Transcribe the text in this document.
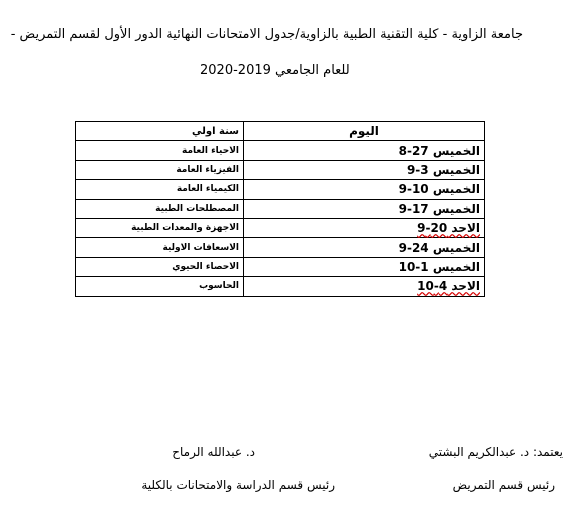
جامعة الزاوية - كلية التقنية الطبية بالزاوية/جدول الامتحانات النهائية الدور الأول لقسم التمريض -
للعام الجامعي 2019-2020
اليوم	سنة اولي
الخميس 27-8	الاحياء العامة
الخميس 3-9	الفيزياء العامة
الخميس 10-9	الكيمياء العامة
الخميس 17-9	المصطلحات الطبية
الاحد 20-9	الاجهزة والمعدات الطبية
الخميس 24-9	الاسعافات الاولية
الخميس 1-10	الاحصاء الحيوي
الاحد 4-10	الحاسوب
يعتمد: د. عبدالكريم البشتي
رئيس قسم التمريض
د. عبدالله الرماح
رئيس قسم الدراسة والامتحانات بالكلية
